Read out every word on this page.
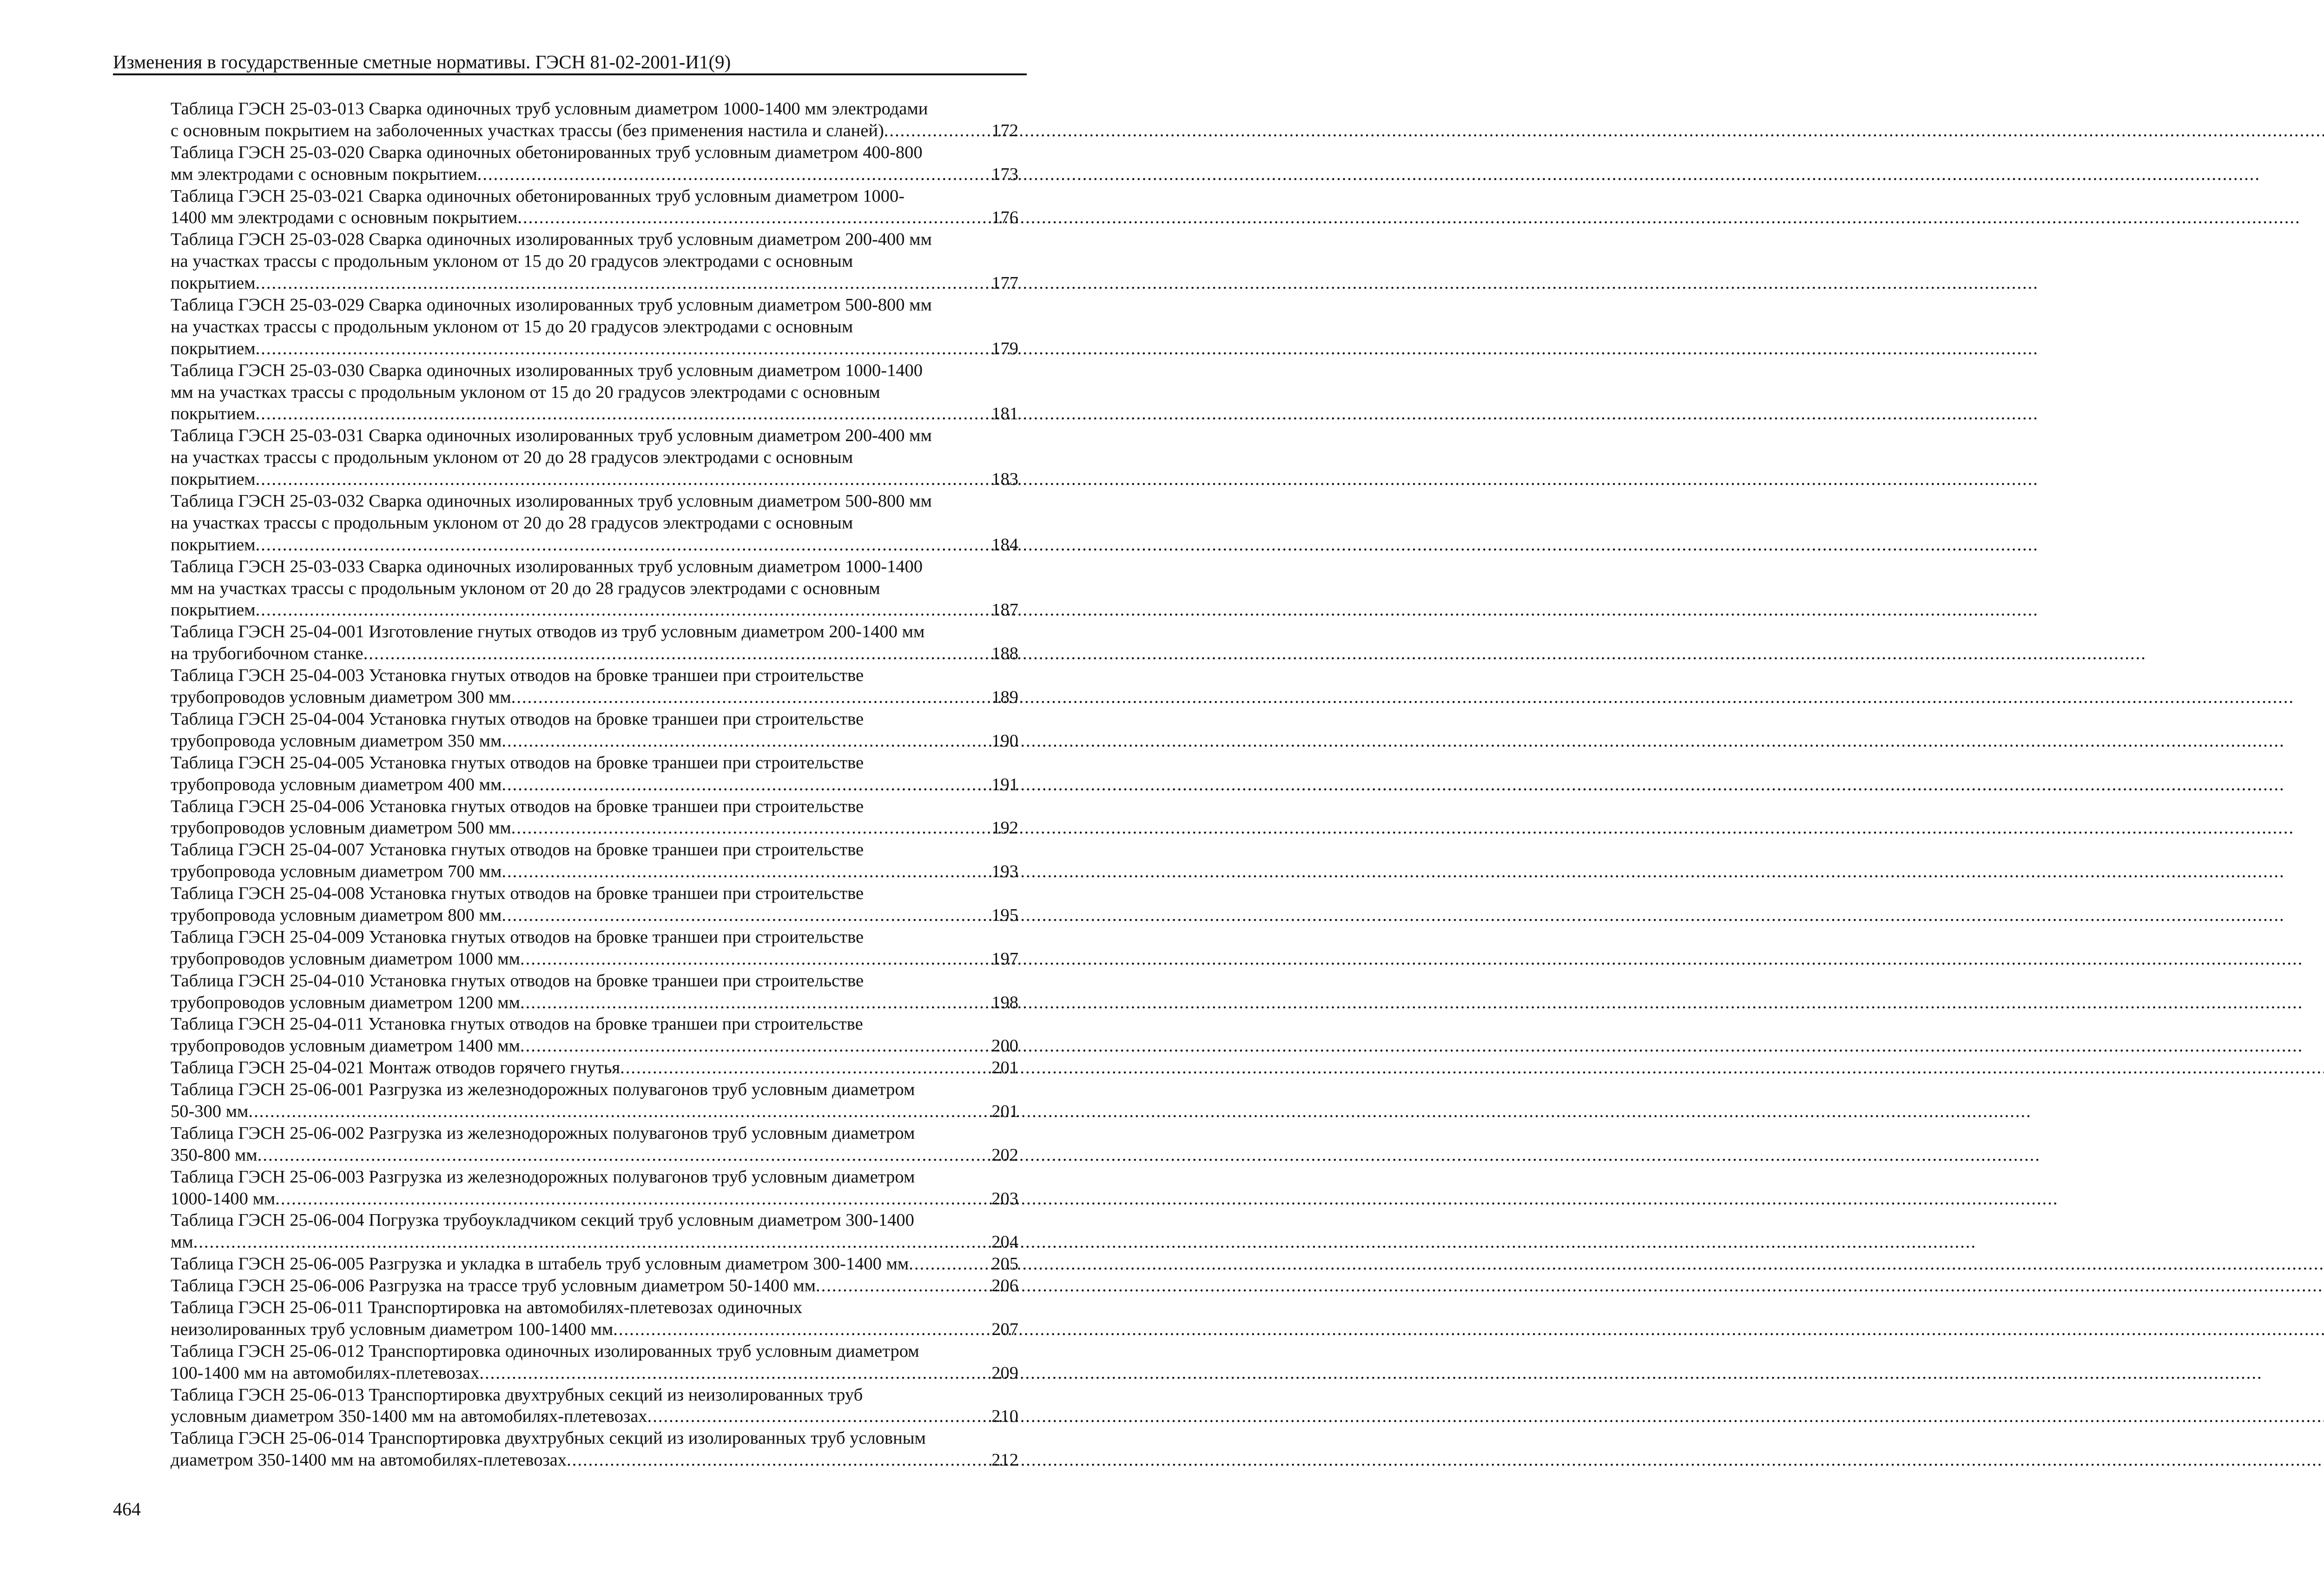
Изменения в государственные сметные нормативы. ГЭСН 81-02-2001-И1(9)
Таблица ГЭСН 25-03-013 Сварка одиночных труб условным диаметром 1000-1400 мм электродами
с основным покрытием на заболоченных участках трассы (без применения настила и сланей) .....	172
Таблица ГЭСН 25-03-020 Сварка одиночных обетонированных труб условным диаметром 400-800
мм электродами с основным покрытием .....	173
Таблица ГЭСН 25-03-021 Сварка одиночных обетонированных труб условным диаметром 1000-
1400 мм электродами с основным покрытием .....	176
Таблица ГЭСН 25-03-028 Сварка одиночных изолированных труб условным диаметром 200-400 мм
на участках трассы с продольным уклоном от 15 до 20 градусов электродами с основным
покрытием .....	177
Таблица ГЭСН 25-03-029 Сварка одиночных изолированных труб условным диаметром 500-800 мм
на участках трассы с продольным уклоном от 15 до 20 градусов электродами с основным
покрытием .....	179
Таблица ГЭСН 25-03-030 Сварка одиночных изолированных труб условным диаметром 1000-1400
мм на участках трассы с продольным уклоном от 15 до 20 градусов электродами с основным
покрытием .....	181
Таблица ГЭСН 25-03-031 Сварка одиночных изолированных труб условным диаметром 200-400 мм
на участках трассы с продольным уклоном от 20 до 28 градусов электродами с основным
покрытием .....	183
Таблица ГЭСН 25-03-032 Сварка одиночных изолированных труб условным диаметром 500-800 мм
на участках трассы с продольным уклоном от 20 до 28 градусов электродами с основным
покрытием .....	184
Таблица ГЭСН 25-03-033 Сварка одиночных изолированных труб условным диаметром 1000-1400
мм на участках трассы с продольным уклоном от 20 до 28 градусов электродами с основным
покрытием .....	187
Таблица ГЭСН 25-04-001 Изготовление гнутых отводов из труб условным диаметром 200-1400 мм
на трубогибочном станке .....	188
Таблица ГЭСН 25-04-003 Установка гнутых отводов на бровке траншеи при строительстве
трубопроводов условным диаметром 300 мм .....	189
Таблица ГЭСН 25-04-004 Установка гнутых отводов на бровке траншеи при строительстве
трубопровода условным диаметром 350 мм .....	190
Таблица ГЭСН 25-04-005 Установка гнутых отводов на бровке траншеи при строительстве
трубопровода условным диаметром 400 мм .....	191
Таблица ГЭСН 25-04-006 Установка гнутых отводов на бровке траншеи при строительстве
трубопроводов условным диаметром 500 мм .....	192
Таблица ГЭСН 25-04-007 Установка гнутых отводов на бровке траншеи при строительстве
трубопровода условным диаметром 700 мм .....	193
Таблица ГЭСН 25-04-008 Установка гнутых отводов на бровке траншеи при строительстве
трубопровода условным диаметром 800 мм .....	195
Таблица ГЭСН 25-04-009 Установка гнутых отводов на бровке траншеи при строительстве
трубопроводов условным диаметром 1000 мм .....	197
Таблица ГЭСН 25-04-010 Установка гнутых отводов на бровке траншеи при строительстве
трубопроводов условным диаметром 1200 мм .....	198
Таблица ГЭСН 25-04-011 Установка гнутых отводов на бровке траншеи при строительстве
трубопроводов условным диаметром 1400 мм .....	200
Таблица ГЭСН 25-04-021 Монтаж отводов горячего гнутья .....	201
Таблица ГЭСН 25-06-001 Разгрузка из железнодорожных полувагонов труб условным диаметром
50-300 мм .....	201
Таблица ГЭСН 25-06-002 Разгрузка из железнодорожных полувагонов труб условным диаметром
350-800 мм .....	202
Таблица ГЭСН 25-06-003 Разгрузка из железнодорожных полувагонов труб условным диаметром
1000-1400 мм .....	203
Таблица ГЭСН 25-06-004 Погрузка трубоукладчиком секций труб условным диаметром 300-1400
мм .....	204
Таблица ГЭСН 25-06-005 Разгрузка и укладка в штабель труб условным диаметром 300-1400 мм .....	205
Таблица ГЭСН 25-06-006 Разгрузка на трассе труб условным диаметром 50-1400 мм .....	206
Таблица ГЭСН 25-06-011 Транспортировка на автомобилях-плетевозах одиночных
неизолированных труб условным диаметром 100-1400 мм .....	207
Таблица ГЭСН 25-06-012 Транспортировка одиночных изолированных труб условным диаметром
100-1400 мм на автомобилях-плетевозах .....	209
Таблица ГЭСН 25-06-013 Транспортировка двухтрубных секций из неизолированных труб
условным диаметром 350-1400 мм на автомобилях-плетевозах .....	210
Таблица ГЭСН 25-06-014 Транспортировка двухтрубных секций из изолированных труб условным
диаметром 350-1400 мм на автомобилях-плетевозах .....	212
464
